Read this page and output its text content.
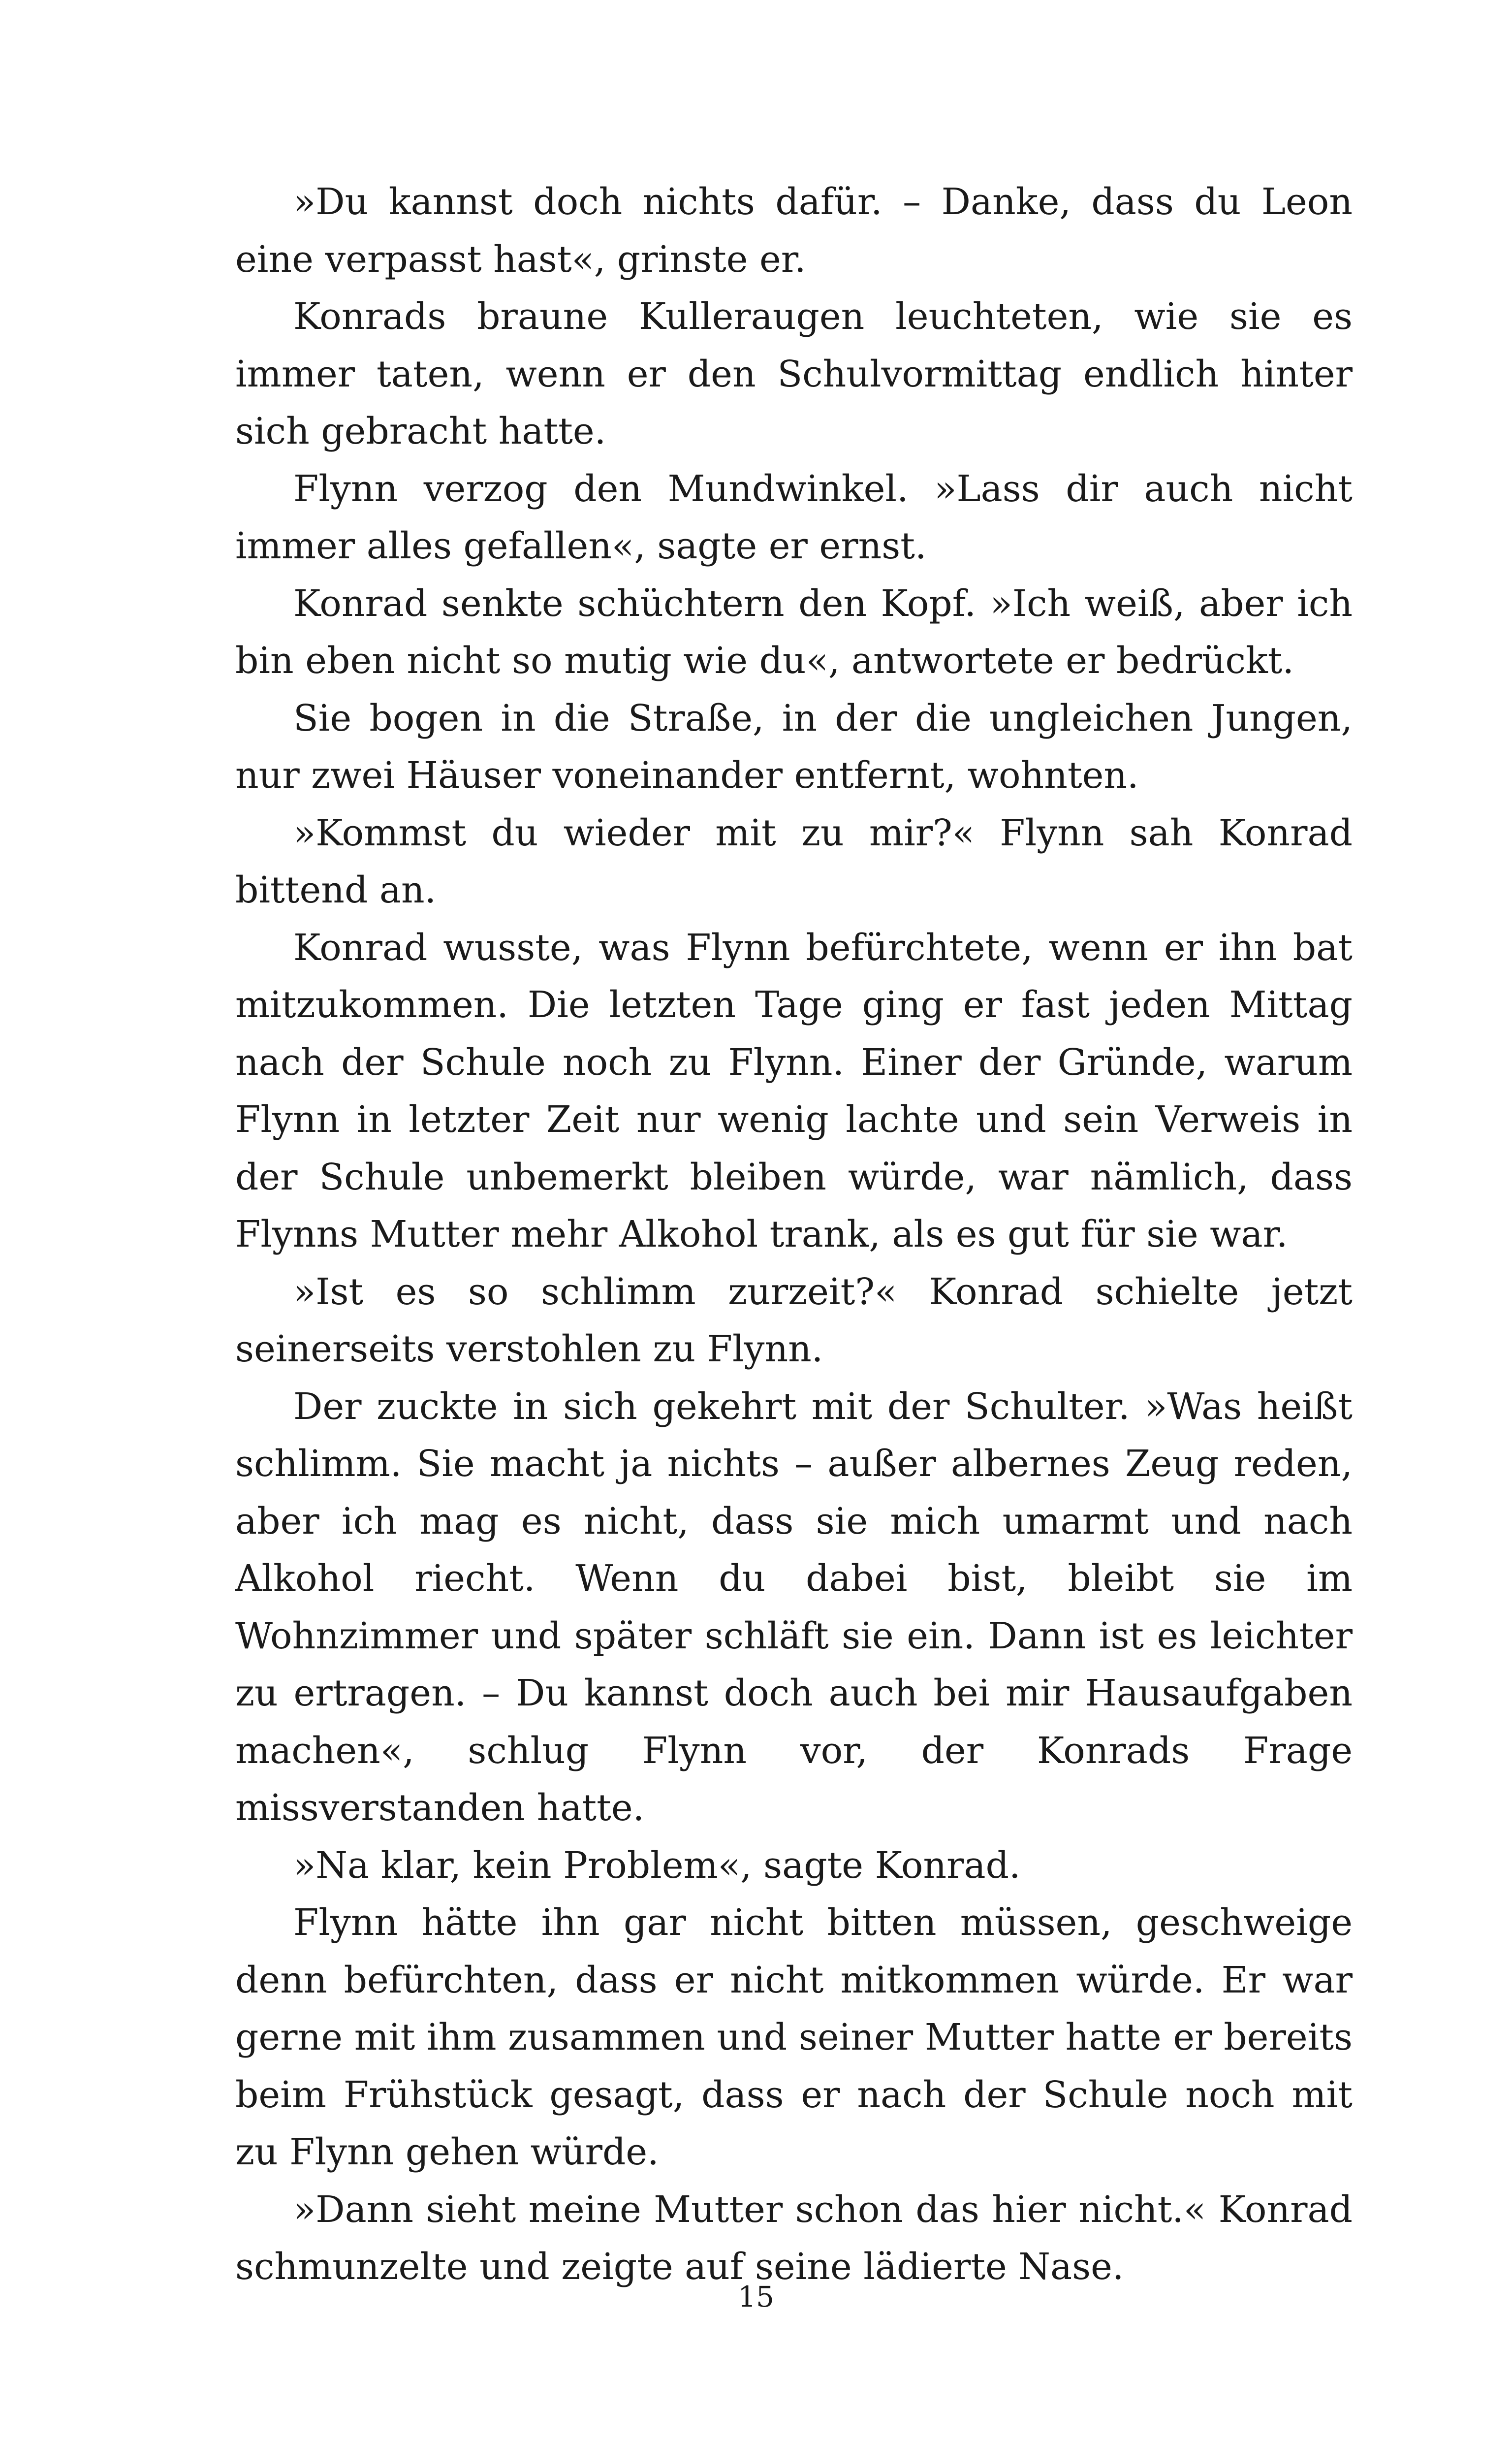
»Du kannst doch nichts dafür. – Danke, dass du Leon eine verpasst hast«, grinste er.

Konrads braune Kulleraugen leuchteten, wie sie es immer taten, wenn er den Schulvormittag endlich hinter sich gebracht hatte.

Flynn verzog den Mundwinkel. »Lass dir auch nicht immer alles gefallen«, sagte er ernst.

Konrad senkte schüchtern den Kopf. »Ich weiß, aber ich bin eben nicht so mutig wie du«, antwortete er bedrückt.

Sie bogen in die Straße, in der die ungleichen Jungen, nur zwei Häuser voneinander entfernt, wohnten.

»Kommst du wieder mit zu mir?« Flynn sah Konrad bittend an.

Konrad wusste, was Flynn befürchtete, wenn er ihn bat mitzukommen. Die letzten Tage ging er fast jeden Mittag nach der Schule noch zu Flynn. Einer der Gründe, warum Flynn in letzter Zeit nur wenig lachte und sein Verweis in der Schule unbemerkt bleiben würde, war nämlich, dass Flynns Mutter mehr Alkohol trank, als es gut für sie war.

»Ist es so schlimm zurzeit?« Konrad schielte jetzt seinerseits verstohlen zu Flynn.

Der zuckte in sich gekehrt mit der Schulter. »Was heißt schlimm. Sie macht ja nichts – außer albernes Zeug reden, aber ich mag es nicht, dass sie mich umarmt und nach Alkohol riecht. Wenn du dabei bist, bleibt sie im Wohnzimmer und später schläft sie ein. Dann ist es leichter zu ertragen. – Du kannst doch auch bei mir Hausaufgaben machen«, schlug Flynn vor, der Konrads Frage missverstanden hatte.

»Na klar, kein Problem«, sagte Konrad.

Flynn hätte ihn gar nicht bitten müssen, geschweige denn befürchten, dass er nicht mitkommen würde. Er war gerne mit ihm zusammen und seiner Mutter hatte er bereits beim Frühstück gesagt, dass er nach der Schule noch mit zu Flynn gehen würde.

»Dann sieht meine Mutter schon das hier nicht.« Konrad schmunzelte und zeigte auf seine lädierte Nase.

15
